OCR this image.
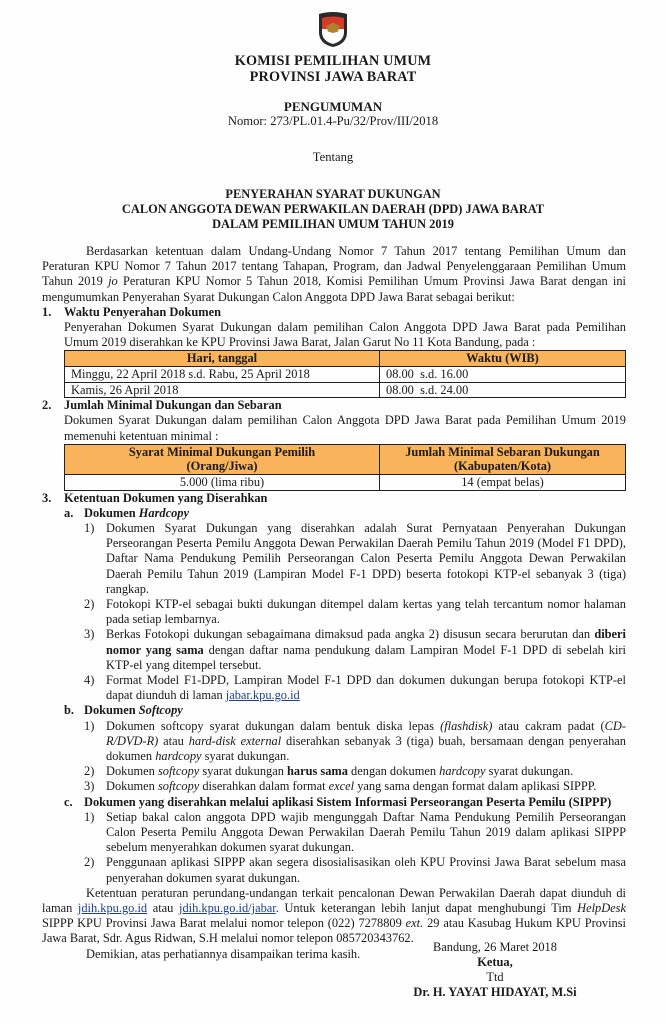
KOMISI PEMILIHAN UMUM
PROVINSI JAWA BARAT
PENGUMUMAN
Nomor: 273/PL.01.4-Pu/32/Prov/III/2018
Tentang
PENYERAHAN SYARAT DUKUNGAN
CALON ANGGOTA DEWAN PERWAKILAN DAERAH (DPD) JAWA BARAT
DALAM PEMILIHAN UMUM TAHUN 2019

Berdasarkan ketentuan dalam Undang-Undang Nomor 7 Tahun 2017 tentang Pemilihan Umum dan Peraturan KPU Nomor 7 Tahun 2017 tentang Tahapan, Program, dan Jadwal Penyelenggaraan Pemilihan Umum Tahun 2019 jo Peraturan KPU Nomor 5 Tahun 2018, Komisi Pemilihan Umum Provinsi Jawa Barat dengan ini mengumumkan Penyerahan Syarat Dukungan Calon Anggota DPD Jawa Barat sebagai berikut:

1. Waktu Penyerahan Dokumen

Penyerahan Dokumen Syarat Dukungan dalam pemilihan Calon Anggota DPD Jawa Barat pada Pemilihan Umum 2019 diserahkan ke KPU Provinsi Jawa Barat, Jalan Garut No 11 Kota Bandung, pada :

Hari, tanggal	Waktu (WIB)
Minggu, 22 April 2018 s.d. Rabu, 25 April 2018	08.00  s.d. 16.00
Kamis, 26 April 2018	08.00  s.d. 24.00
2. Jumlah Minimal Dukungan dan Sebaran

Dokumen Syarat Dukungan dalam pemilihan Calon Anggota DPD Jawa Barat pada Pemilihan Umum 2019 memenuhi ketentuan minimal :

Syarat Minimal Dukungan Pemilih
(Orang/Jiwa)	Jumlah Minimal Sebaran Dukungan
(Kabupaten/Kota)
5.000 (lima ribu)	14 (empat belas)
3. Ketentuan Dokumen yang Diserahkan
a. Dokumen Hardcopy
1) Dokumen Syarat Dukungan yang diserahkan adalah Surat Pernyataan Penyerahan Dukungan Perseorangan Peserta Pemilu Anggota Dewan Perwakilan Daerah Pemilu Tahun 2019 (Model F1 DPD), Daftar Nama Pendukung Pemilih Perseorangan Calon Peserta Pemilu Anggota Dewan Perwakilan Daerah Pemilu Tahun 2019 (Lampiran Model F-1 DPD) beserta fotokopi KTP-el sebanyak 3 (tiga) rangkap.

2) Fotokopi KTP-el sebagai bukti dukungan ditempel dalam kertas yang telah tercantum nomor halaman pada setiap lembarnya.

3) Berkas Fotokopi dukungan sebagaimana dimaksud pada angka 2) disusun secara berurutan dan diberi nomor yang sama dengan daftar nama pendukung dalam Lampiran Model F-1 DPD di sebelah kiri KTP-el yang ditempel tersebut.

4) Format Model F1-DPD, Lampiran Model F-1 DPD dan dokumen dukungan berupa fotokopi KTP-el dapat diunduh di laman jabar.kpu.go.id

b. Dokumen Softcopy
1) Dokumen softcopy syarat dukungan dalam bentuk diska lepas (flashdisk) atau cakram padat (CD-R/DVD-R) atau hard-disk external diserahkan sebanyak 3 (tiga) buah, bersamaan dengan penyerahan dokumen hardcopy syarat dukungan.

2) Dokumen softcopy syarat dukungan harus sama dengan dokumen hardcopy syarat dukungan.

3) Dokumen softcopy diserahkan dalam format excel yang sama dengan format dalam aplikasi SIPPP.

c. Dokumen yang diserahkan melalui aplikasi Sistem Informasi Perseorangan Peserta Pemilu (SIPPP)
1) Setiap bakal calon anggota DPD wajib mengunggah Daftar Nama Pendukung Pemilih Perseorangan Calon Peserta Pemilu Anggota Dewan Perwakilan Daerah Pemilu Tahun 2019 dalam aplikasi SIPPP sebelum menyerahkan dokumen syarat dukungan.

2) Penggunaan aplikasi SIPPP akan segera disosialisasikan oleh KPU Provinsi Jawa Barat sebelum masa penyerahan dokumen syarat dukungan.

Ketentuan peraturan perundang-undangan terkait pencalonan Dewan Perwakilan Daerah dapat diunduh di laman jdih.kpu.go.id atau jdih.kpu.go.id/jabar. Untuk keterangan lebih lanjut dapat menghubungi Tim HelpDesk SIPPP KPU Provinsi Jawa Barat melalui nomor telepon (022) 7278809 ext. 29 atau Kasubag Hukum KPU Provinsi Jawa Barat, Sdr. Agus Ridwan, S.H melalui nomor telepon 085720343762.

Demikian, atas perhatiannya disampaikan terima kasih.	Bandung, 26 Maret 2018
Ketua,
Ttd
Dr. H. YAYAT HIDAYAT, M.Si
